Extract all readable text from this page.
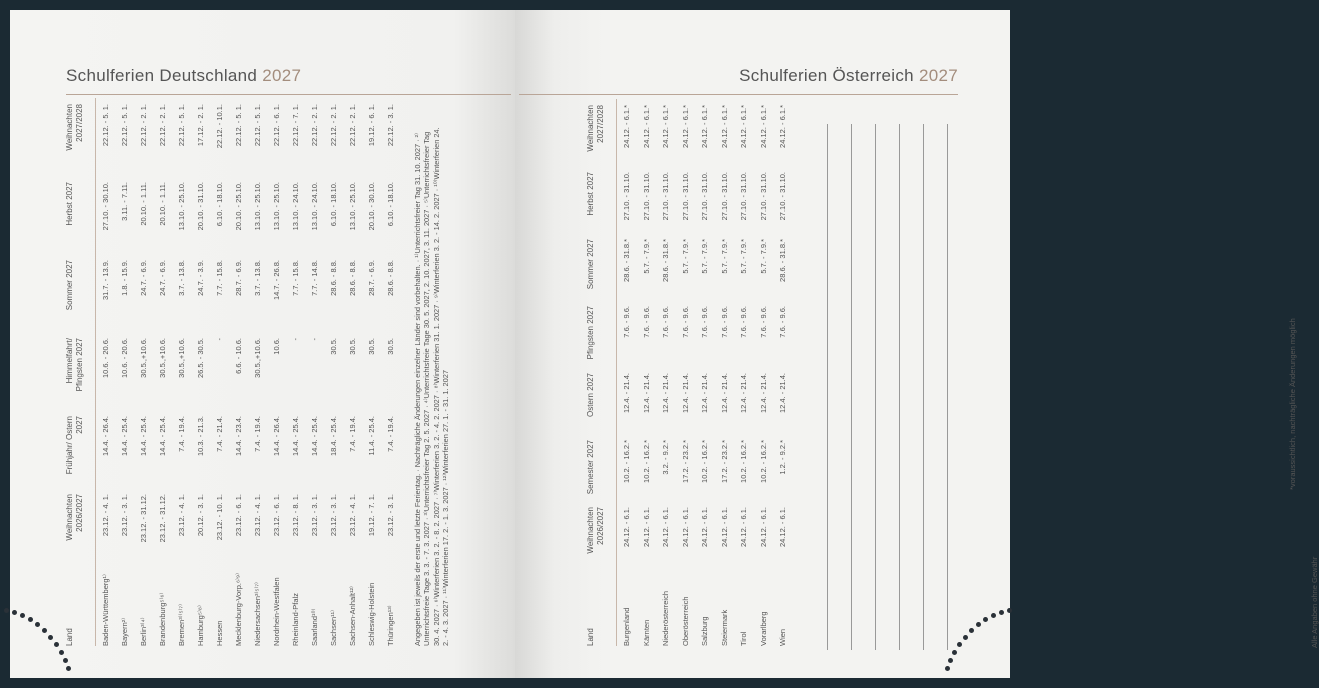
Schulferien Deutschland 2027
Land
Weihnachten 2026/2027
Frühjahr/ Ostern 2027
Himmelfahrt/ Pfingsten 2027
Sommer 2027
Herbst 2027
Weihnachten 2027/2028
Baden-Württemberg¹⁾
23.12. - 4. 1.
14.4. - 26.4.
10.6. - 20.6.
31.7. - 13.9.
27.10. - 30.10.
22.12. - 5. 1.
Bayern²⁾
23.12. - 3. 1.
14.4. - 25.4.
10.6. - 20.6.
1.8. - 15.9.
3.11. - 7.11.
22.12. - 5. 1.
Berlin³⁾⁴⁾
23.12. - 31.12.
14.4. - 25.4.
30.5.,+10.6.
24.7. - 6.9.
20.10. - 1.11.
22.12. - 2. 1.
Brandenburg⁵⁾⁶⁾
23.12. - 31.12.
14.4. - 25.4.
30.5.,+10.6.
24.7. - 6.9.
20.10. - 1.11.
22.12. - 2. 1.
Bremen³⁾⁽⁵⁾⁷⁾
23.12. - 4. 1.
7.4. - 19.4.
30.5.,+10.6.
3.7. - 13.8.
13.10. - 25.10.
22.12. - 5. 1.
Hamburg⁵⁾⁸⁾
20.12. - 3. 1.
10.3. - 21.3.
26.5. - 30.5.
24.7. - 3.9.
20.10. - 31.10.
17.12. - 2. 1.
Hessen
23.12. - 10. 1.
7.4. - 21.4.
-
7.7. - 15.8.
6.10. - 18.10.
22.12. - 10.1.
Mecklenburg-Vorp.⁶⁾⁹⁾
23.12. - 6. 1.
14.4. - 23.4.
6.6. - 10.6.
28.7. - 6.9.
20.10. - 25.10.
22.12. - 5. 1.
Niedersachsen³⁾⁵⁾⁷⁾
23.12. - 4. 1.
7.4. - 19.4.
30.5.,+10.6.
3.7. - 13.8.
13.10. - 25.10.
22.12. - 5. 1.
Nordrhein-Westfalen
23.12. - 6. 1.
14.4. - 26.4.
10.6.
14.7. - 26.8.
13.10. - 25.10.
22.12. - 6. 1.
Rheinland-Pfalz
23.12. - 8. 1.
14.4. - 25.4.
-
7.7. - 15.8.
13.10. - 24.10.
22.12. - 7. 1.
Saarland¹⁰⁾
23.12. - 3. 1.
14.4. - 25.4.
-
7.7. - 14.8.
13.10. - 24.10.
22.12. - 2. 1.
Sachsen¹¹⁾
23.12. - 3. 1.
18.4. - 25.4.
30.5.
28.6. - 8.8.
6.10. - 18.10.
22.12. - 2. 1.
Sachsen-Anhalt¹²⁾
23.12. - 4. 1.
7.4. - 19.4.
30.5.
28.6. - 8.8.
13.10. - 25.10.
22.12. - 2. 1.
Schleswig-Holstein
19.12. - 7. 1.
11.4. - 25.4.
30.5.
28.7. - 6.9.
20.10. - 30.10.
19.12. - 6. 1.
Thüringen¹³⁾
23.12. - 3. 1.
7.4. - 19.4.
30.5.
28.6. - 8.8.
6.10. - 18.10.
22.12. - 3. 1.
Angegeben ist jeweils der erste und letzte Ferientag. · Nachträgliche Änderungen einzelner Länder sind vorbehalten. · ¹⁾Unterrichtsfreier Tag 31. 10. 2027 · ²⁾Unterrichtsfreie Tage 3. 3. - 7. 3. 2027 · ³⁾Unterrichtsfreier Tag 2. 5. 2027 · ⁴⁾Unterrichtsfreie Tage 30. 5. 2027, 2. 10. 2027, 3. 11. 2027 · ⁵⁾Unterrichtsfreier Tag 30. 4. 2027 · ⁶⁾Winterferien 3. 2. - 8. 2. 2027 · ⁷⁾Winterferien 3. 2. - 4. 2. 2027 · ⁸⁾Winterferien 31. 1. 2027 · ⁹⁾Winterferien 3. 2. - 14. 2. 2027 · ¹⁰⁾Winterferien 24. 2. - 4. 3. 2027 · ¹¹⁾Winterferien 17. 2. - 1. 3. 2027 · ¹²⁾Winterferien 27. 1. - 31. 1. 2027
Schulferien Österreich 2027
Land
Weihnachten 2026/2027
Semester 2027
Ostern 2027
Pfingsten 2027
Sommer 2027
Herbst 2027
Weihnachten 2027/2028
Burgenland
24.12. - 6.1.
10.2. - 16.2.*
12.4. - 21.4.
7.6. - 9.6.
28.6. - 31.8.*
27.10. - 31.10.
24.12. - 6.1.*
Kärnten
24.12. - 6.1.
10.2. - 16.2.*
12.4. - 21.4.
7.6. - 9.6.
5.7. - 7.9.*
27.10. - 31.10.
24.12. - 6.1.*
Niederösterreich
24.12. - 6.1.
3.2. - 9.2.*
12.4. - 21.4.
7.6. - 9.6.
28.6. - 31.8.*
27.10. - 31.10.
24.12. - 6.1.*
Oberösterreich
24.12. - 6.1.
17.2. - 23.2.*
12.4. - 21.4.
7.6. - 9.6.
5.7. - 7.9.*
27.10. - 31.10.
24.12. - 6.1.*
Salzburg
24.12. - 6.1.
10.2. - 16.2.*
12.4. - 21.4.
7.6. - 9.6.
5.7. - 7.9.*
27.10. - 31.10.
24.12. - 6.1.*
Steiermark
24.12. - 6.1.
17.2. - 23.2.*
12.4. - 21.4.
7.6. - 9.6.
5.7. - 7.9.*
27.10. - 31.10.
24.12. - 6.1.*
Tirol
24.12. - 6.1.
10.2. - 16.2.*
12.4. - 21.4.
7.6. - 9.6.
5.7. - 7.9.*
27.10. - 31.10.
24.12. - 6.1.*
Vorarlberg
24.12. - 6.1.
10.2. - 16.2.*
12.4. - 21.4.
7.6. - 9.6.
5.7. - 7.9.*
27.10. - 31.10.
24.12. - 6.1.*
Wien
24.12. - 6.1.
1.2. - 9.2.*
12.4. - 21.4.
7.6. - 9.6.
28.6. - 31.8.*
27.10. - 31.10.
24.12. - 6.1.*
Alle Angaben ohne Gewähr
*voraussichtlich, nachträgliche Änderungen möglich
